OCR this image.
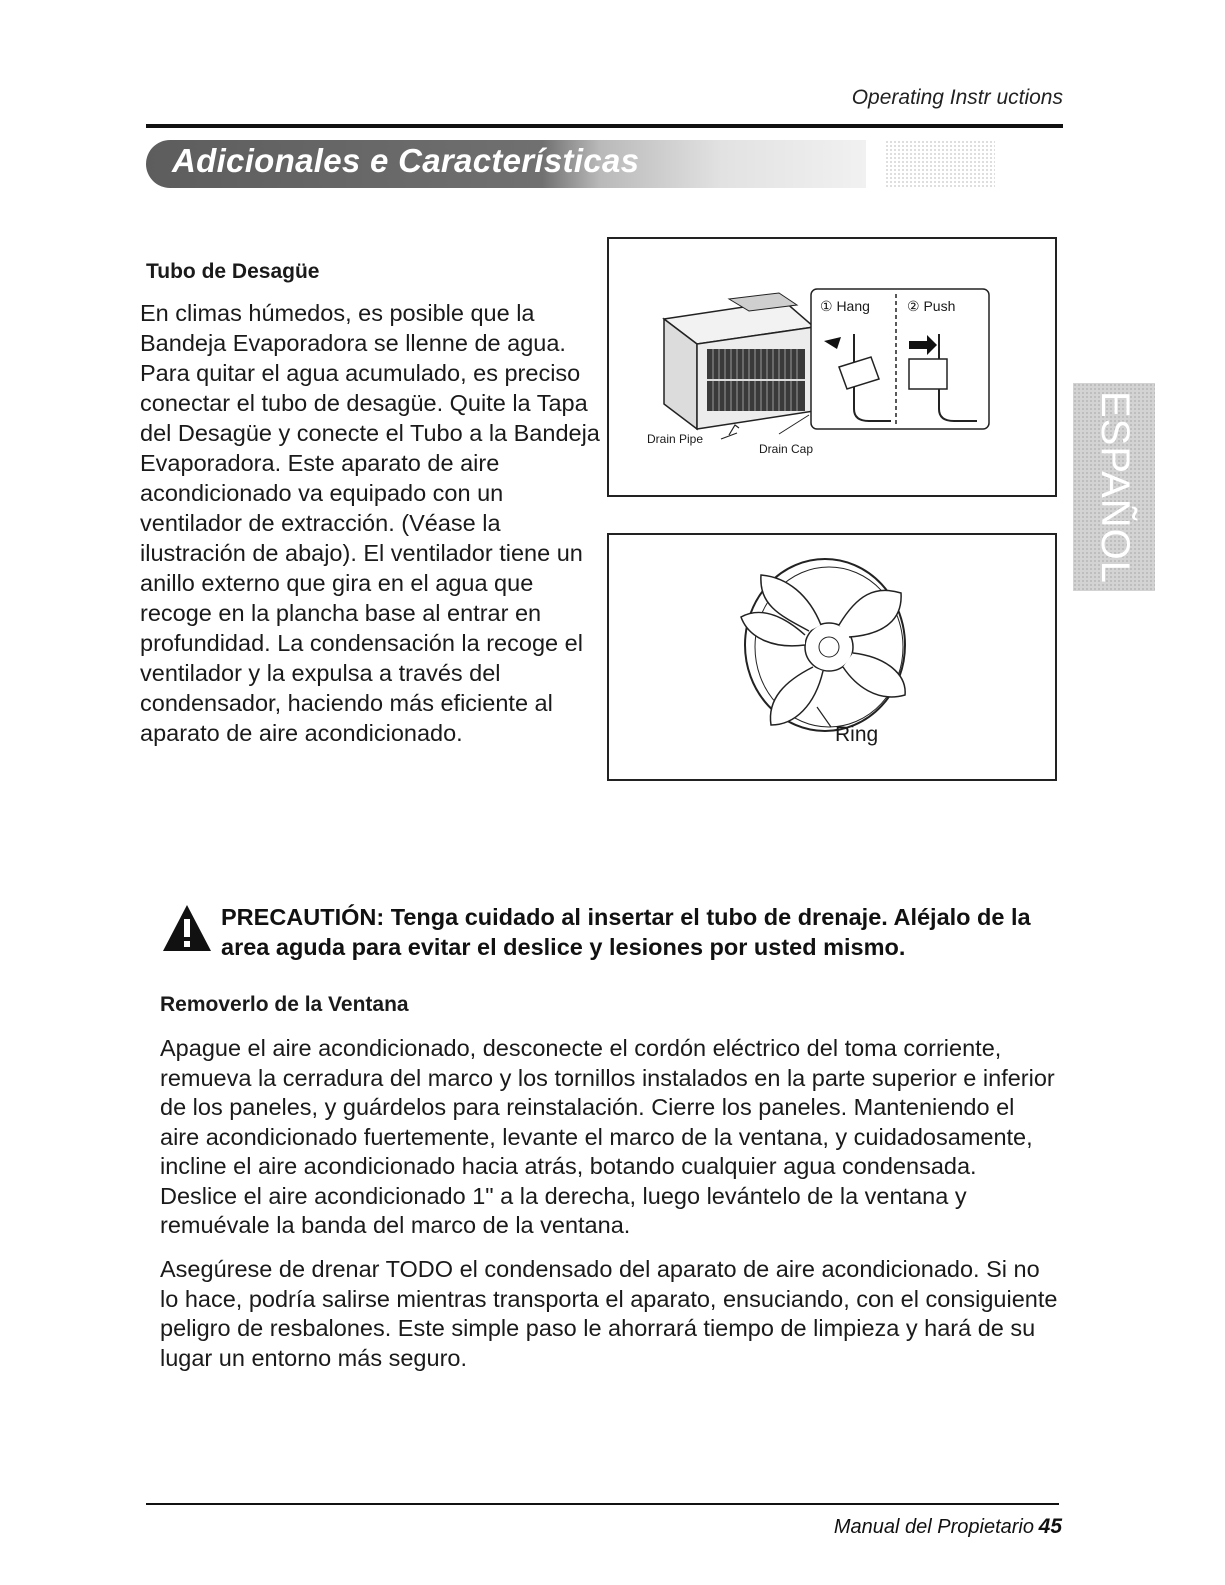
Operating Instr uctions
Adicionales e Características
ESPAÑOL
Tubo de Desagüe
En climas húmedos, es posible que la Bandeja Evaporadora se llenne de agua. Para quitar el agua acumulado, es preciso conectar el tubo de desagüe. Quite la Tapa del Desagüe y conecte el Tubo a la Bandeja Evaporadora. Este aparato de aire acondicionado va equipado con un ventilador de extracción. (Véase la ilustración de abajo). El ventilador tiene un anillo externo que gira en el agua que recoge en la plancha base al entrar en profundidad. La condensación la recoge el ventilador y la expulsa a través del condensador, haciendo más eficiente al aparato de aire acondicionado.
① Hang	② Push
Drain Pipe
Drain Cap
Ring
PRECAUTIÓN: Tenga cuidado al insertar el tubo de drenaje. Aléjalo de la area aguda para evitar el deslice y lesiones por usted mismo.
Removerlo de la Ventana
Apague el aire acondicionado, desconecte el cordón eléctrico del toma corriente, remueva la cerradura del marco y los tornillos instalados en la parte superior e inferior de los paneles, y guárdelos para reinstalación. Cierre los paneles. Manteniendo el aire acondicionado fuertemente, levante el marco de la ventana, y cuidadosamente, incline el aire acondicionado hacia atrás, botando cualquier agua condensada. Deslice el aire acondicionado 1" a la derecha, luego levántelo de la ventana y remuévale la banda del marco de la ventana.
Asegúrese de drenar TODO el condensado del aparato de aire acondicionado. Si no lo hace, podría salirse mientras transporta el aparato, ensuciando, con el consiguiente peligro de resbalones. Este simple paso le ahorrará tiempo de limpieza y hará de su lugar un entorno más seguro.
Manual del Propietario 45
